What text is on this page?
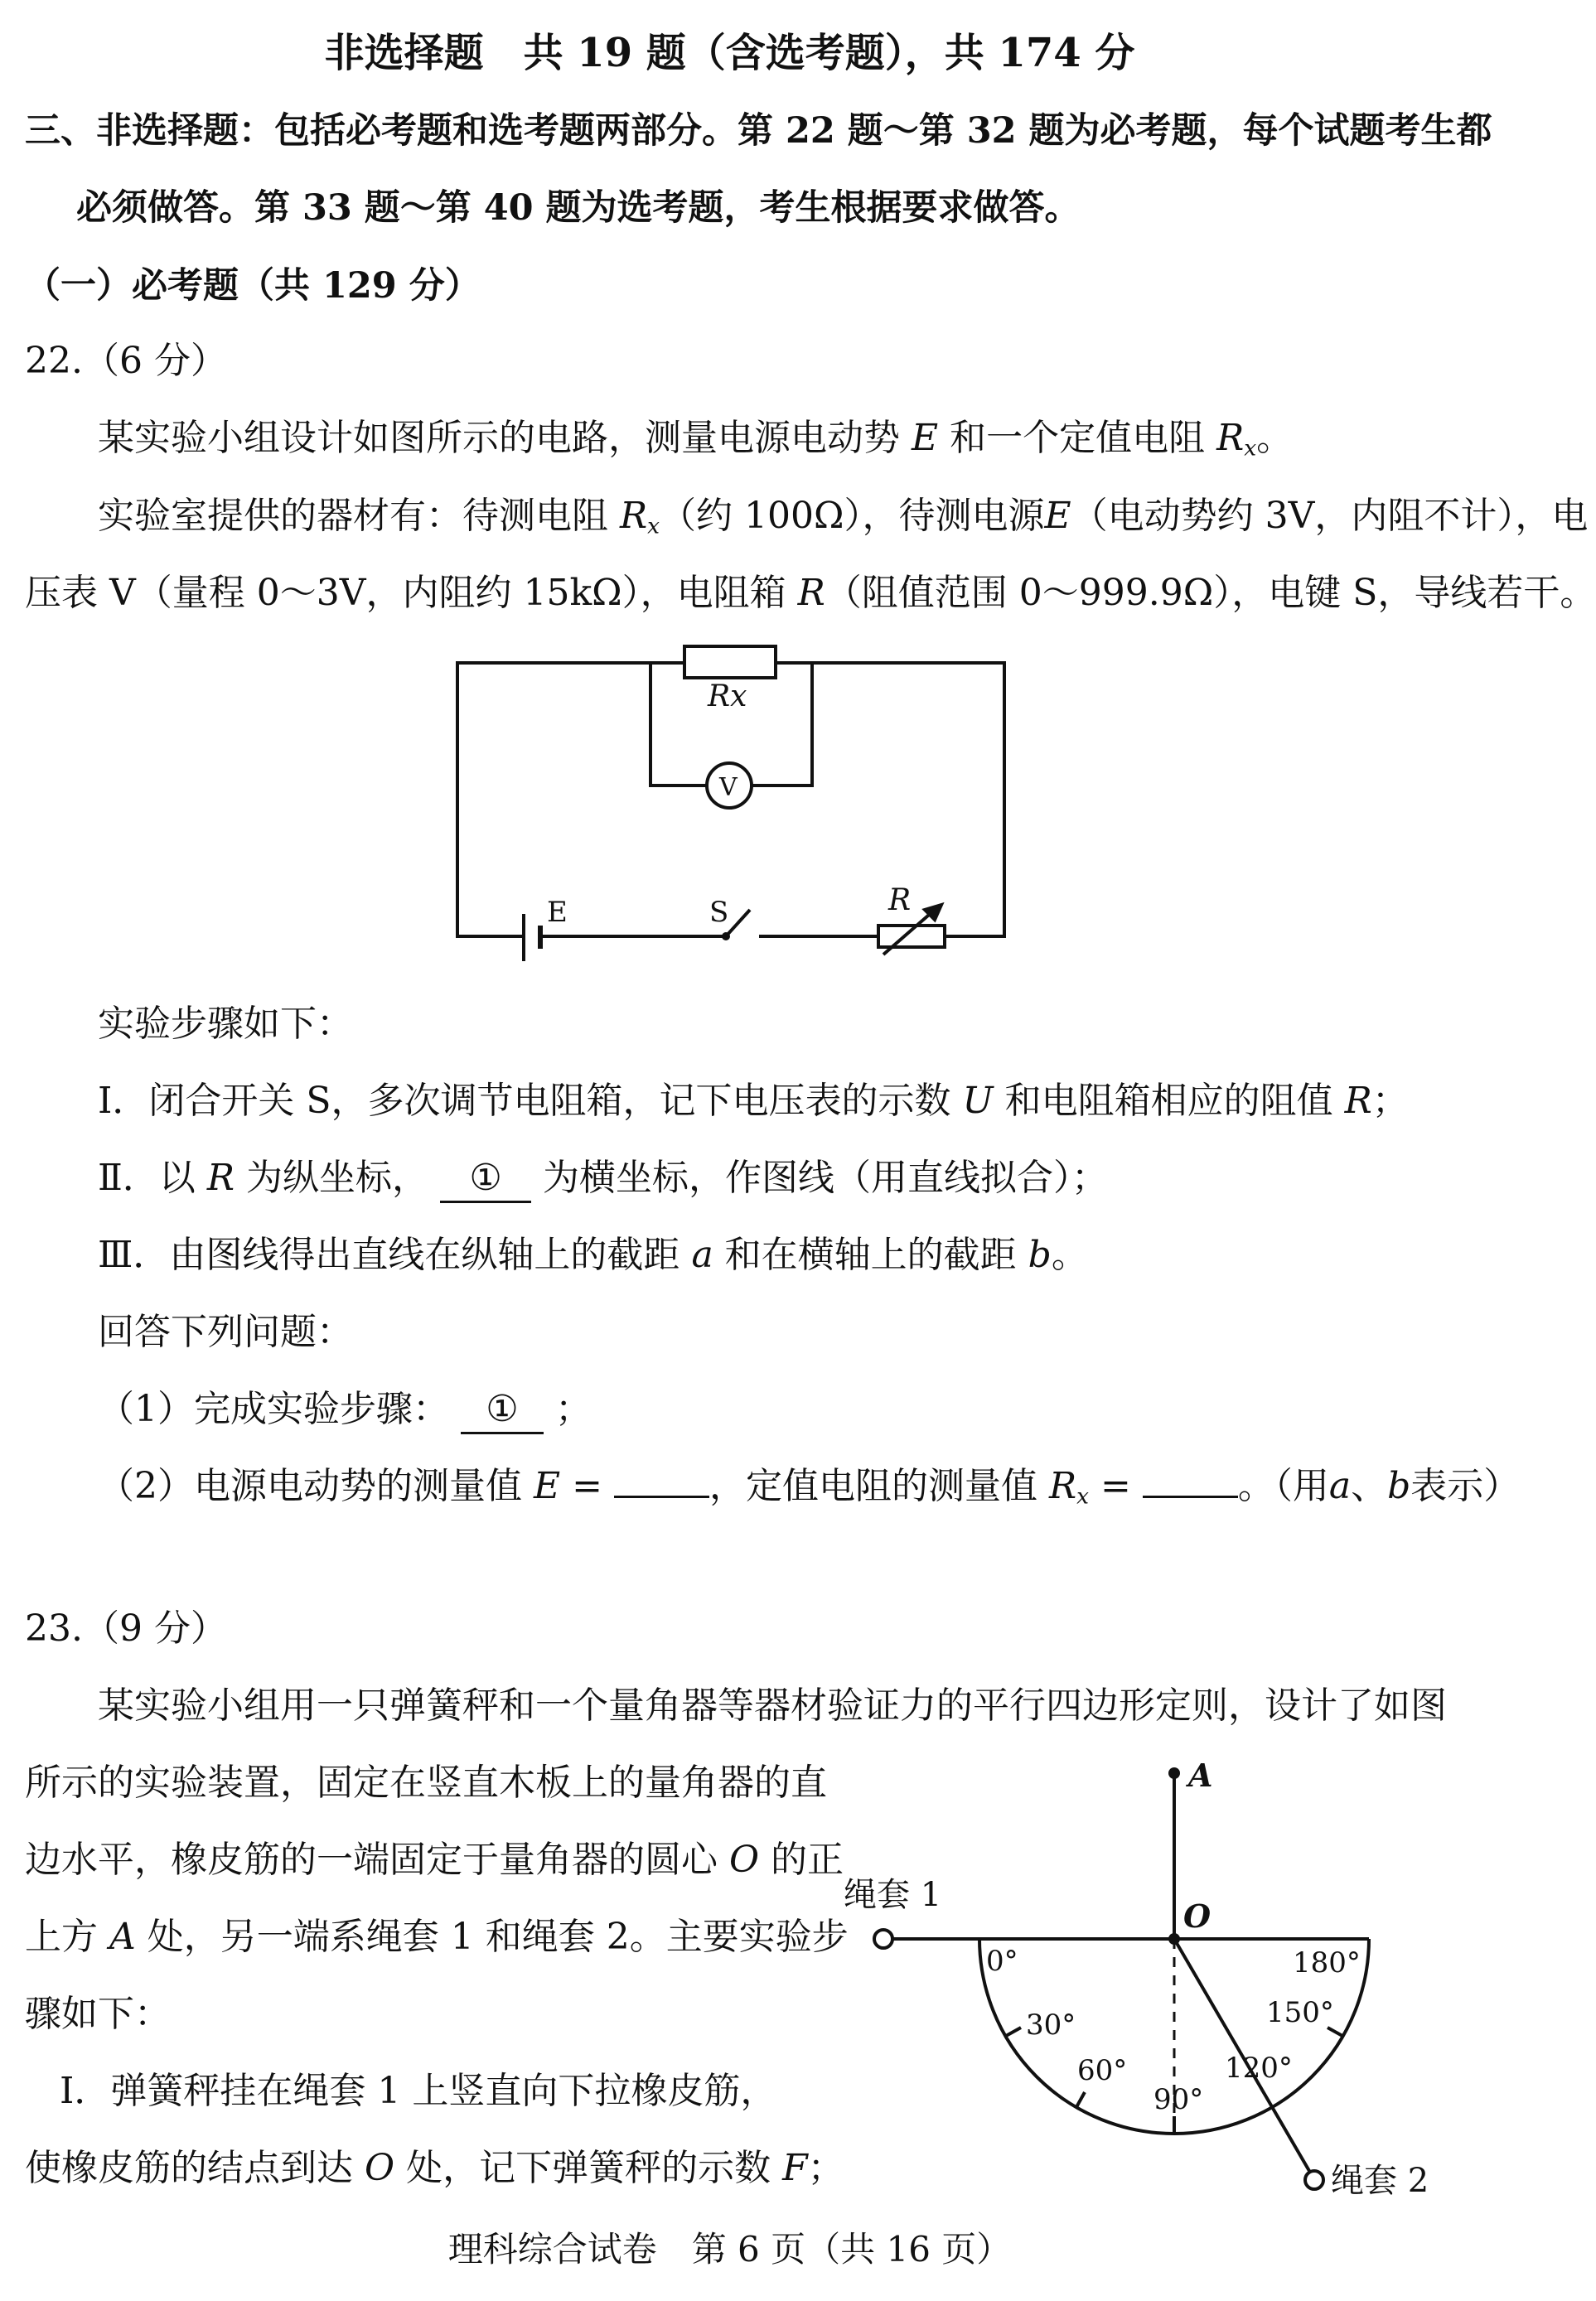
非选择题　共 19 题（含选考题），共 174 分
三、非选择题：包括必考题和选考题两部分。第 22 题～第 32 题为必考题，每个试题考生都
必须做答。第 33 题～第 40 题为选考题，考生根据要求做答。
（一）必考题（共 129 分）
22.（6 分）
某实验小组设计如图所示的电路，测量电源电动势 E 和一个定值电阻 $R_x$。
实验室提供的器材有：待测电阻 $R_x$（约 100Ω），待测电源E（电动势约 3V，内阻不计），电
压表 V（量程 0～3V，内阻约 15kΩ），电阻箱 R（阻值范围 0～999.9Ω），电键 S，导线若干。
Rx
V
E	S	R
实验步骤如下：
Ⅰ．闭合开关 S，多次调节电阻箱，记下电压表的示数 U 和电阻箱相应的阻值 R；
Ⅱ．以 R 为纵坐标， ① 为横坐标，作图线（用直线拟合）；
Ⅲ．由图线得出直线在纵轴上的截距 a 和在横轴上的截距 b。
回答下列问题：
（1）完成实验步骤： ① ；
（2）电源电动势的测量值 E =	，定值电阻的测量值 $R_x$ =	。（用a、b表示）
23.（9 分）
某实验小组用一只弹簧秤和一个量角器等器材验证力的平行四边形定则，设计了如图
所示的实验装置，固定在竖直木板上的量角器的直
边水平，橡皮筋的一端固定于量角器的圆心 O 的正
上方 A 处，另一端系绳套 1 和绳套 2。主要实验步
骤如下：
Ⅰ．弹簧秤挂在绳套 1 上竖直向下拉橡皮筋，
使橡皮筋的结点到达 O 处，记下弹簧秤的示数 F；
A
O
绳套 1
绳套 2
0°
30°
60°
90°
120°
150°
180°
理科综合试卷　第 6 页（共 16 页）
